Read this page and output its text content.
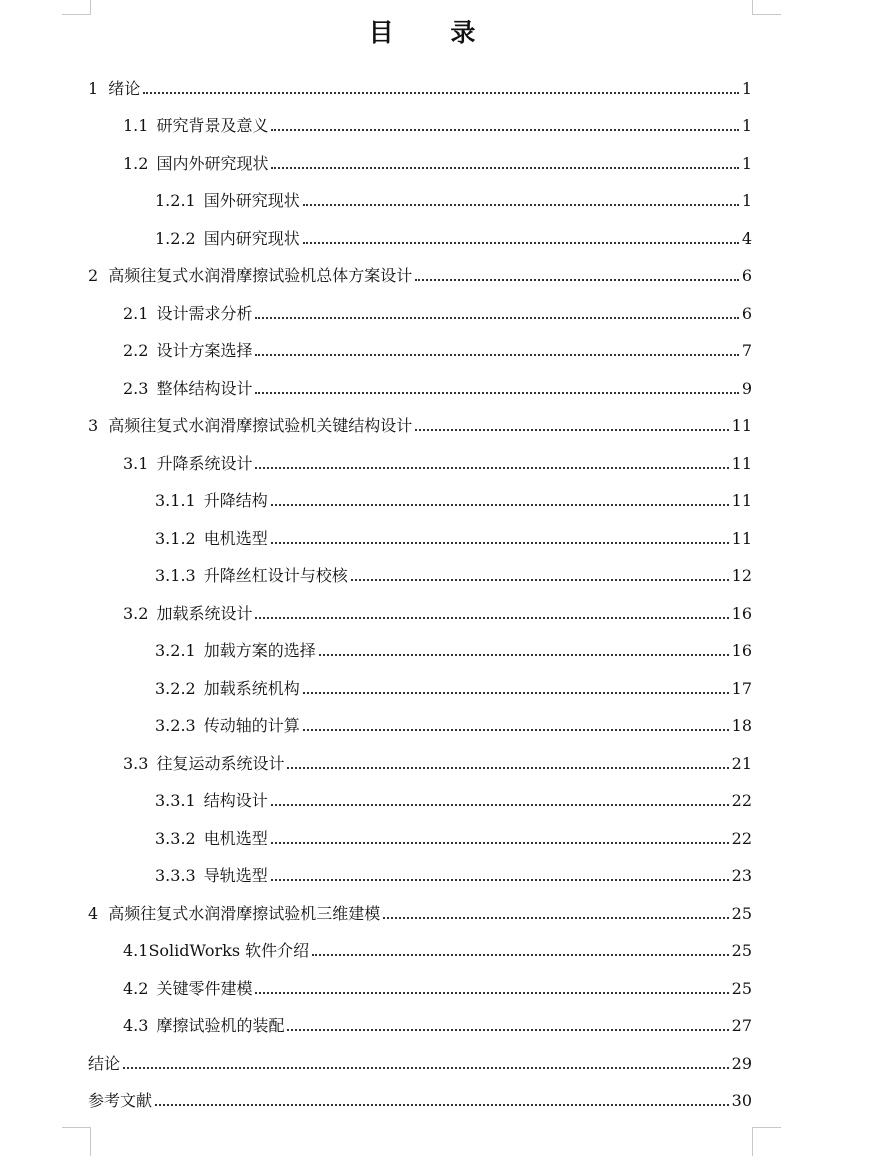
目 录
1 绪论	1
1.1 研究背景及意义	1
1.2 国内外研究现状	1
1.2.1 国外研究现状	1
1.2.2 国内研究现状	4
2 高频往复式水润滑摩擦试验机总体方案设计	6
2.1 设计需求分析	6
2.2 设计方案选择	7
2.3 整体结构设计	9
3 高频往复式水润滑摩擦试验机关键结构设计	11
3.1 升降系统设计	11
3.1.1 升降结构	11
3.1.2 电机选型	11
3.1.3 升降丝杠设计与校核	12
3.2 加载系统设计	16
3.2.1 加载方案的选择	16
3.2.2 加载系统机构	17
3.2.3 传动轴的计算	18
3.3 往复运动系统设计	21
3.3.1 结构设计	22
3.3.2 电机选型	22
3.3.3 导轨选型	23
4 高频往复式水润滑摩擦试验机三维建模	25
4.1 SolidWorks 软件介绍	25
4.2 关键零件建模	25
4.3 摩擦试验机的装配	27
结论	29
参考文献	30
